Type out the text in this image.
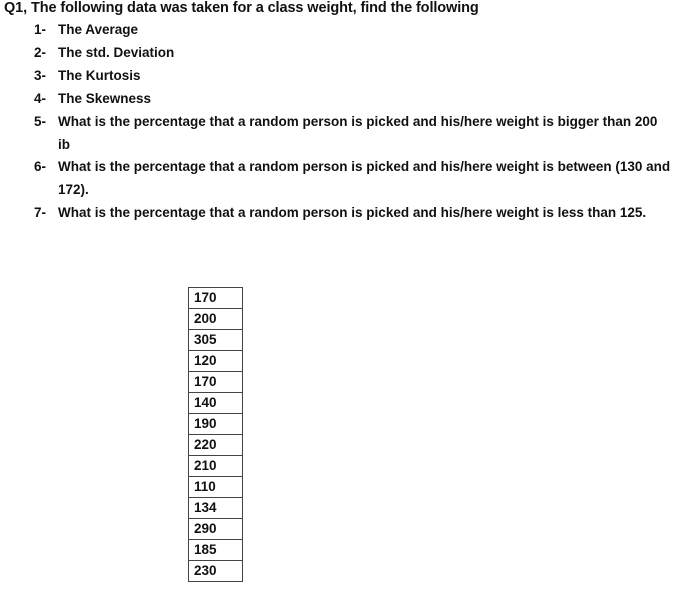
Q1, The following data was taken for a class weight, find the following
1- The Average
2- The std. Deviation
3- The Kurtosis
4- The Skewness
5- What is the percentage that a random person is picked and his/here weight is bigger than 200 ib
6- What is the percentage that a random person is picked and his/here weight is between (130 and 172).
7- What is the percentage that a random person is picked and his/here weight is less than 125.
170
200
305
120
170
140
190
220
210
110
134
290
185
230
